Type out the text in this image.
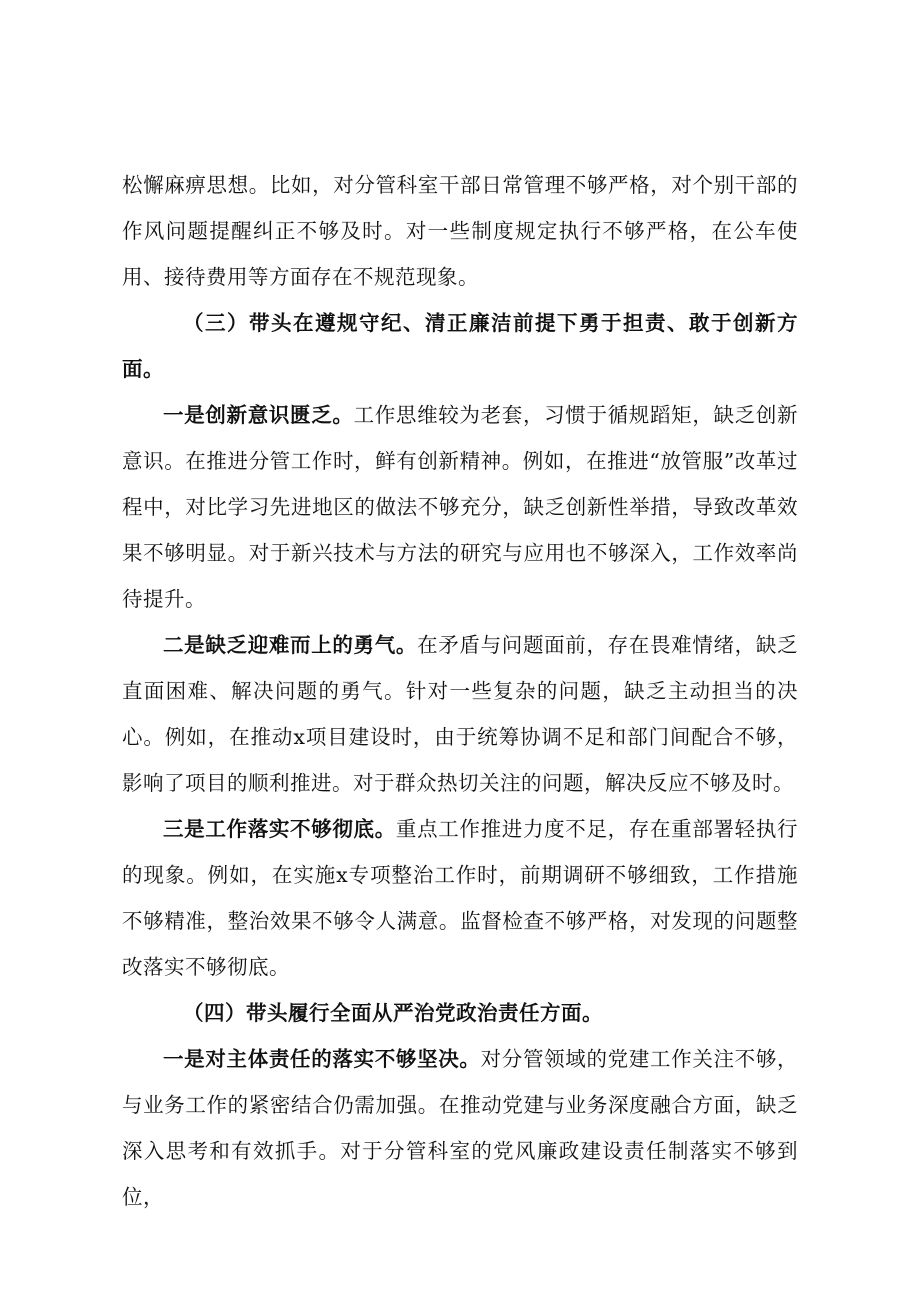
松懈麻痹思想。比如，对分管科室干部日常管理不够严格，对个别干部的作风问题提醒纠正不够及时。对一些制度规定执行不够严格，在公车使用、接待费用等方面存在不规范现象。

（三）带头在遵规守纪、清正廉洁前提下勇于担责、敢于创新方面。

一是创新意识匮乏。工作思维较为老套，习惯于循规蹈矩，缺乏创新意识。在推进分管工作时，鲜有创新精神。例如，在推进“放管服”改革过程中，对比学习先进地区的做法不够充分，缺乏创新性举措，导致改革效果不够明显。对于新兴技术与方法的研究与应用也不够深入，工作效率尚待提升。

二是缺乏迎难而上的勇气。在矛盾与问题面前，存在畏难情绪，缺乏直面困难、解决问题的勇气。针对一些复杂的问题，缺乏主动担当的决心。例如，在推动x项目建设时，由于统筹协调不足和部门间配合不够，影响了项目的顺利推进。对于群众热切关注的问题，解决反应不够及时。

三是工作落实不够彻底。重点工作推进力度不足，存在重部署轻执行的现象。例如，在实施x专项整治工作时，前期调研不够细致，工作措施不够精准，整治效果不够令人满意。监督检查不够严格，对发现的问题整改落实不够彻底。

（四）带头履行全面从严治党政治责任方面。

一是对主体责任的落实不够坚决。对分管领域的党建工作关注不够，与业务工作的紧密结合仍需加强。在推动党建与业务深度融合方面，缺乏深入思考和有效抓手。对于分管科室的党风廉政建设责任制落实不够到位，
